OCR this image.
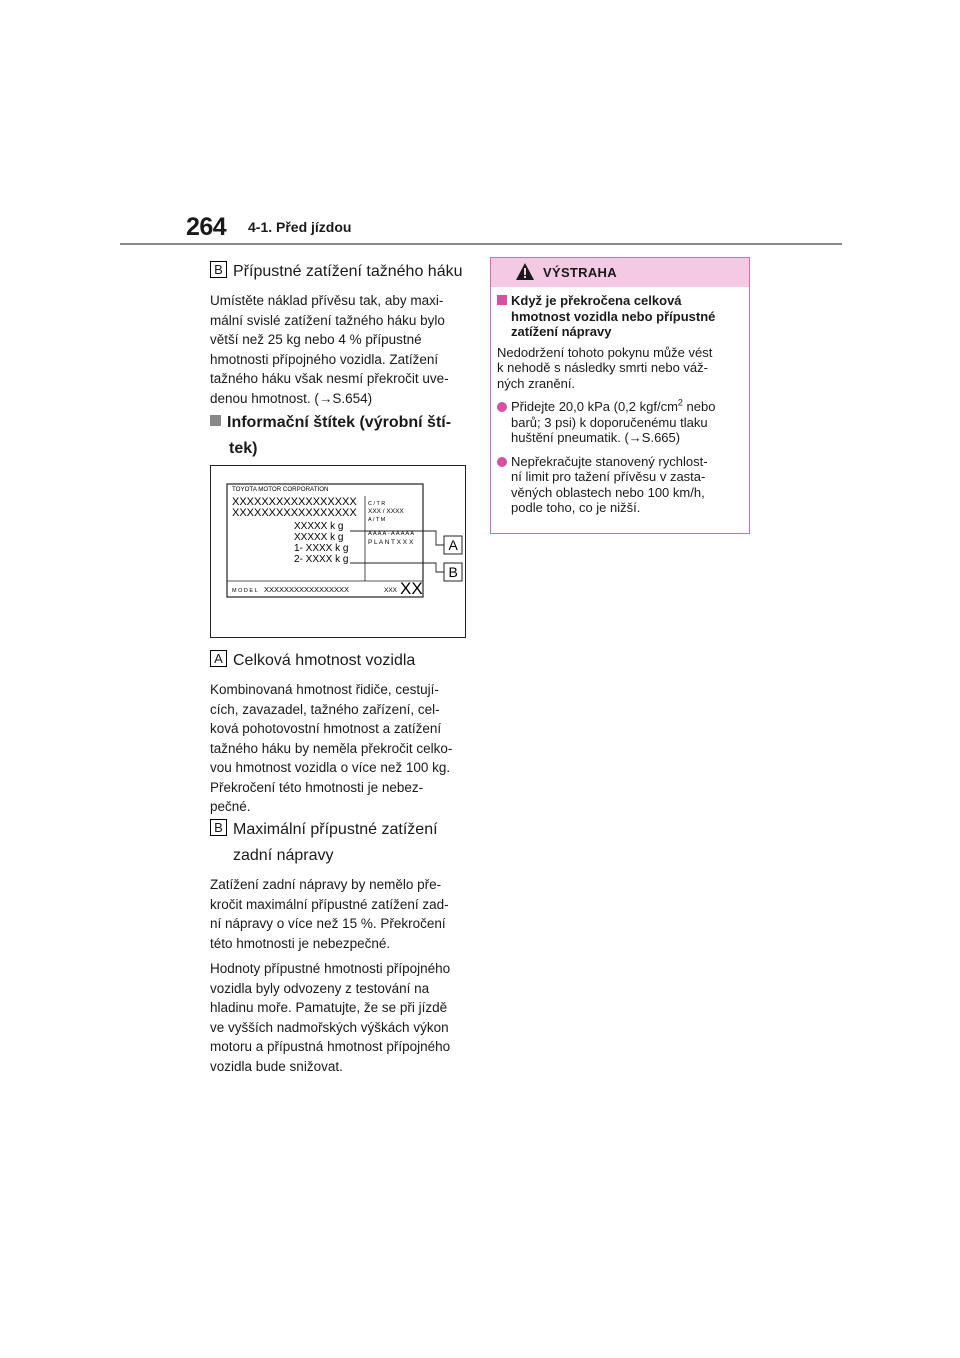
264 4-1. Před jízdou
B Přípustné zatížení tažného háku

Umístěte náklad přívěsu tak, aby maxi-
mální svislé zatížení tažného háku bylo
větší než 25 kg nebo 4 % přípustné
hmotnosti přípojného vozidla. Zatížení
tažného háku však nesmí překročit uve-
denou hmotnost. (→S.654)

Informační štítek (výrobní ští-
tek)
TOYOTA MOTOR CORPORATION
XXXXXXXXXXXXXXXXX
XXXXXXXXXXXXXXXXX
C / T R
XXX / XXXX
A / T M
XXXXX k g
XXXXX k g
1- XXXX k g
2- XXXX k g
A A A A - A A A A A
P L A N T X X X
M O D E L XXXXXXXXXXXXXXXXX	XXX XX
A
B
A Celková hmotnost vozidla

Kombinovaná hmotnost řidiče, cestují-
cích, zavazadel, tažného zařízení, cel-
ková pohotovostní hmotnost a zatížení
tažného háku by neměla překročit celko-
vou hmotnost vozidla o více než 100 kg.
Překročení této hmotnosti je nebez-
pečné.

B Maximální přípustné zatížení
zadní nápravy

Zatížení zadní nápravy by nemělo pře-
kročit maximální přípustné zatížení zad-
ní nápravy o více než 15 %. Překročení
této hmotnosti je nebezpečné.

Hodnoty přípustné hmotnosti přípojného
vozidla byly odvozeny z testování na
hladinu moře. Pamatujte, že se při jízdě
ve vyšších nadmořských výškách výkon
motoru a přípustná hmotnost přípojného
vozidla bude snižovat.

VÝSTRAHA
Když je překročena celková
hmotnost vozidla nebo přípustné
zatížení nápravy

Nedodržení tohoto pokynu může vést
k nehodě s následky smrti nebo váž-
ných zranění.

Přidejte 20,0 kPa (0,2 kgf/$cm^2$ nebo
barů; 3 psi) k doporučenému tlaku
huštění pneumatik. (→S.665)
Nepřekračujte stanovený rychlost-
ní limit pro tažení přívěsu v zasta-
věných oblastech nebo 100 km/h,
podle toho, co je nižší.
